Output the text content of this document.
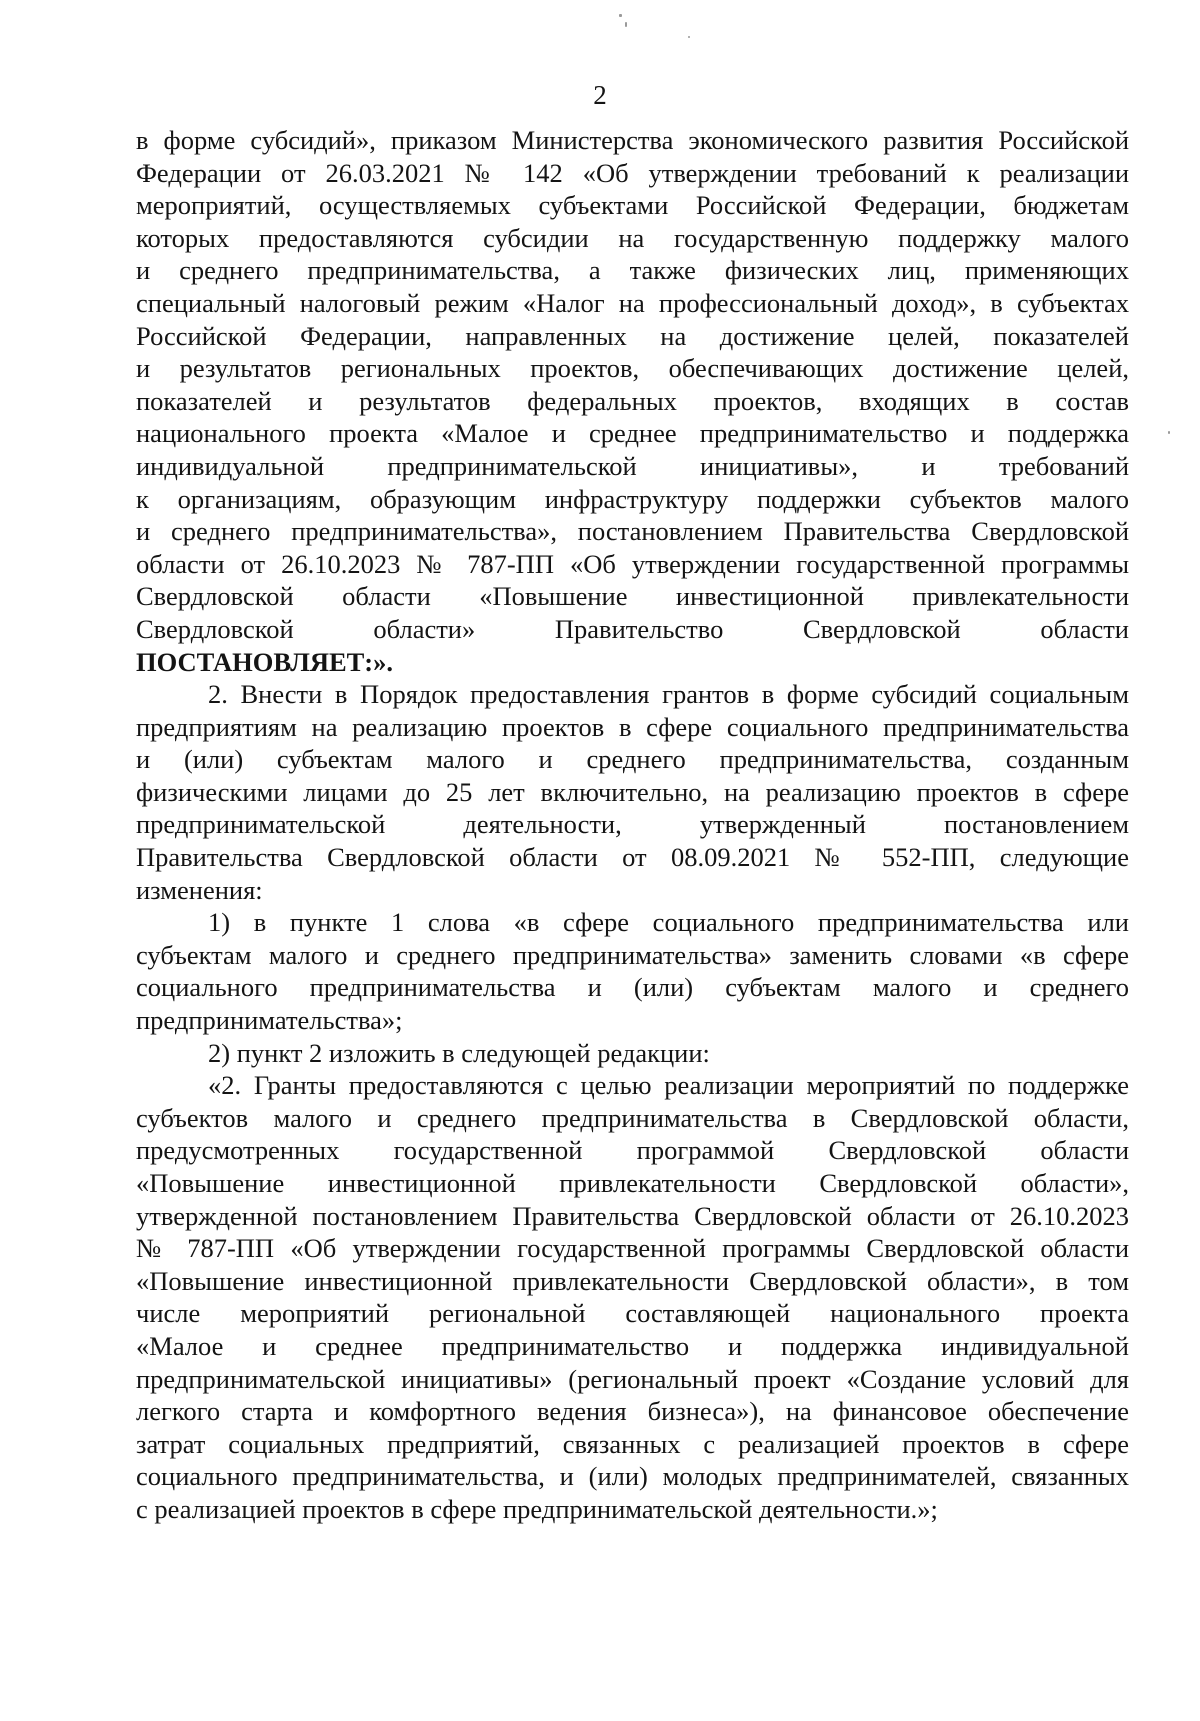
2
в форме субсидий», приказом Министерства экономического развития Российской
Федерации от 26.03.2021 № 142 «Об утверждении требований к реализации
мероприятий, осуществляемых субъектами Российской Федерации, бюджетам
которых предоставляются субсидии на государственную поддержку малого
и среднего предпринимательства, а также физических лиц, применяющих
специальный налоговый режим «Налог на профессиональный доход», в субъектах
Российской Федерации, направленных на достижение целей, показателей
и результатов региональных проектов, обеспечивающих достижение целей,
показателей и результатов федеральных проектов, входящих в состав
национального проекта «Малое и среднее предпринимательство и поддержка
индивидуальной предпринимательской инициативы», и требований
к организациям, образующим инфраструктуру поддержки субъектов малого
и среднего предпринимательства», постановлением Правительства Свердловской
области от 26.10.2023 № 787-ПП «Об утверждении государственной программы
Свердловской области «Повышение инвестиционной привлекательности
Свердловской области» Правительство Свердловской области
ПОСТАНОВЛЯЕТ:».
2. Внести в Порядок предоставления грантов в форме субсидий социальным
предприятиям на реализацию проектов в сфере социального предпринимательства
и (или) субъектам малого и среднего предпринимательства, созданным
физическими лицами до 25 лет включительно, на реализацию проектов в сфере
предпринимательской деятельности, утвержденный постановлением
Правительства Свердловской области от 08.09.2021 № 552-ПП, следующие
изменения:
1) в пункте 1 слова «в сфере социального предпринимательства или
субъектам малого и среднего предпринимательства» заменить словами «в сфере
социального предпринимательства и (или) субъектам малого и среднего
предпринимательства»;
2) пункт 2 изложить в следующей редакции:
«2. Гранты предоставляются с целью реализации мероприятий по поддержке
субъектов малого и среднего предпринимательства в Свердловской области,
предусмотренных государственной программой Свердловской области
«Повышение инвестиционной привлекательности Свердловской области»,
утвержденной постановлением Правительства Свердловской области от 26.10.2023
№ 787-ПП «Об утверждении государственной программы Свердловской области
«Повышение инвестиционной привлекательности Свердловской области», в том
числе мероприятий региональной составляющей национального проекта
«Малое и среднее предпринимательство и поддержка индивидуальной
предпринимательской инициативы» (региональный проект «Создание условий для
легкого старта и комфортного ведения бизнеса»), на финансовое обеспечение
затрат социальных предприятий, связанных с реализацией проектов в сфере
социального предпринимательства, и (или) молодых предпринимателей, связанных
с реализацией проектов в сфере предпринимательской деятельности.»;
